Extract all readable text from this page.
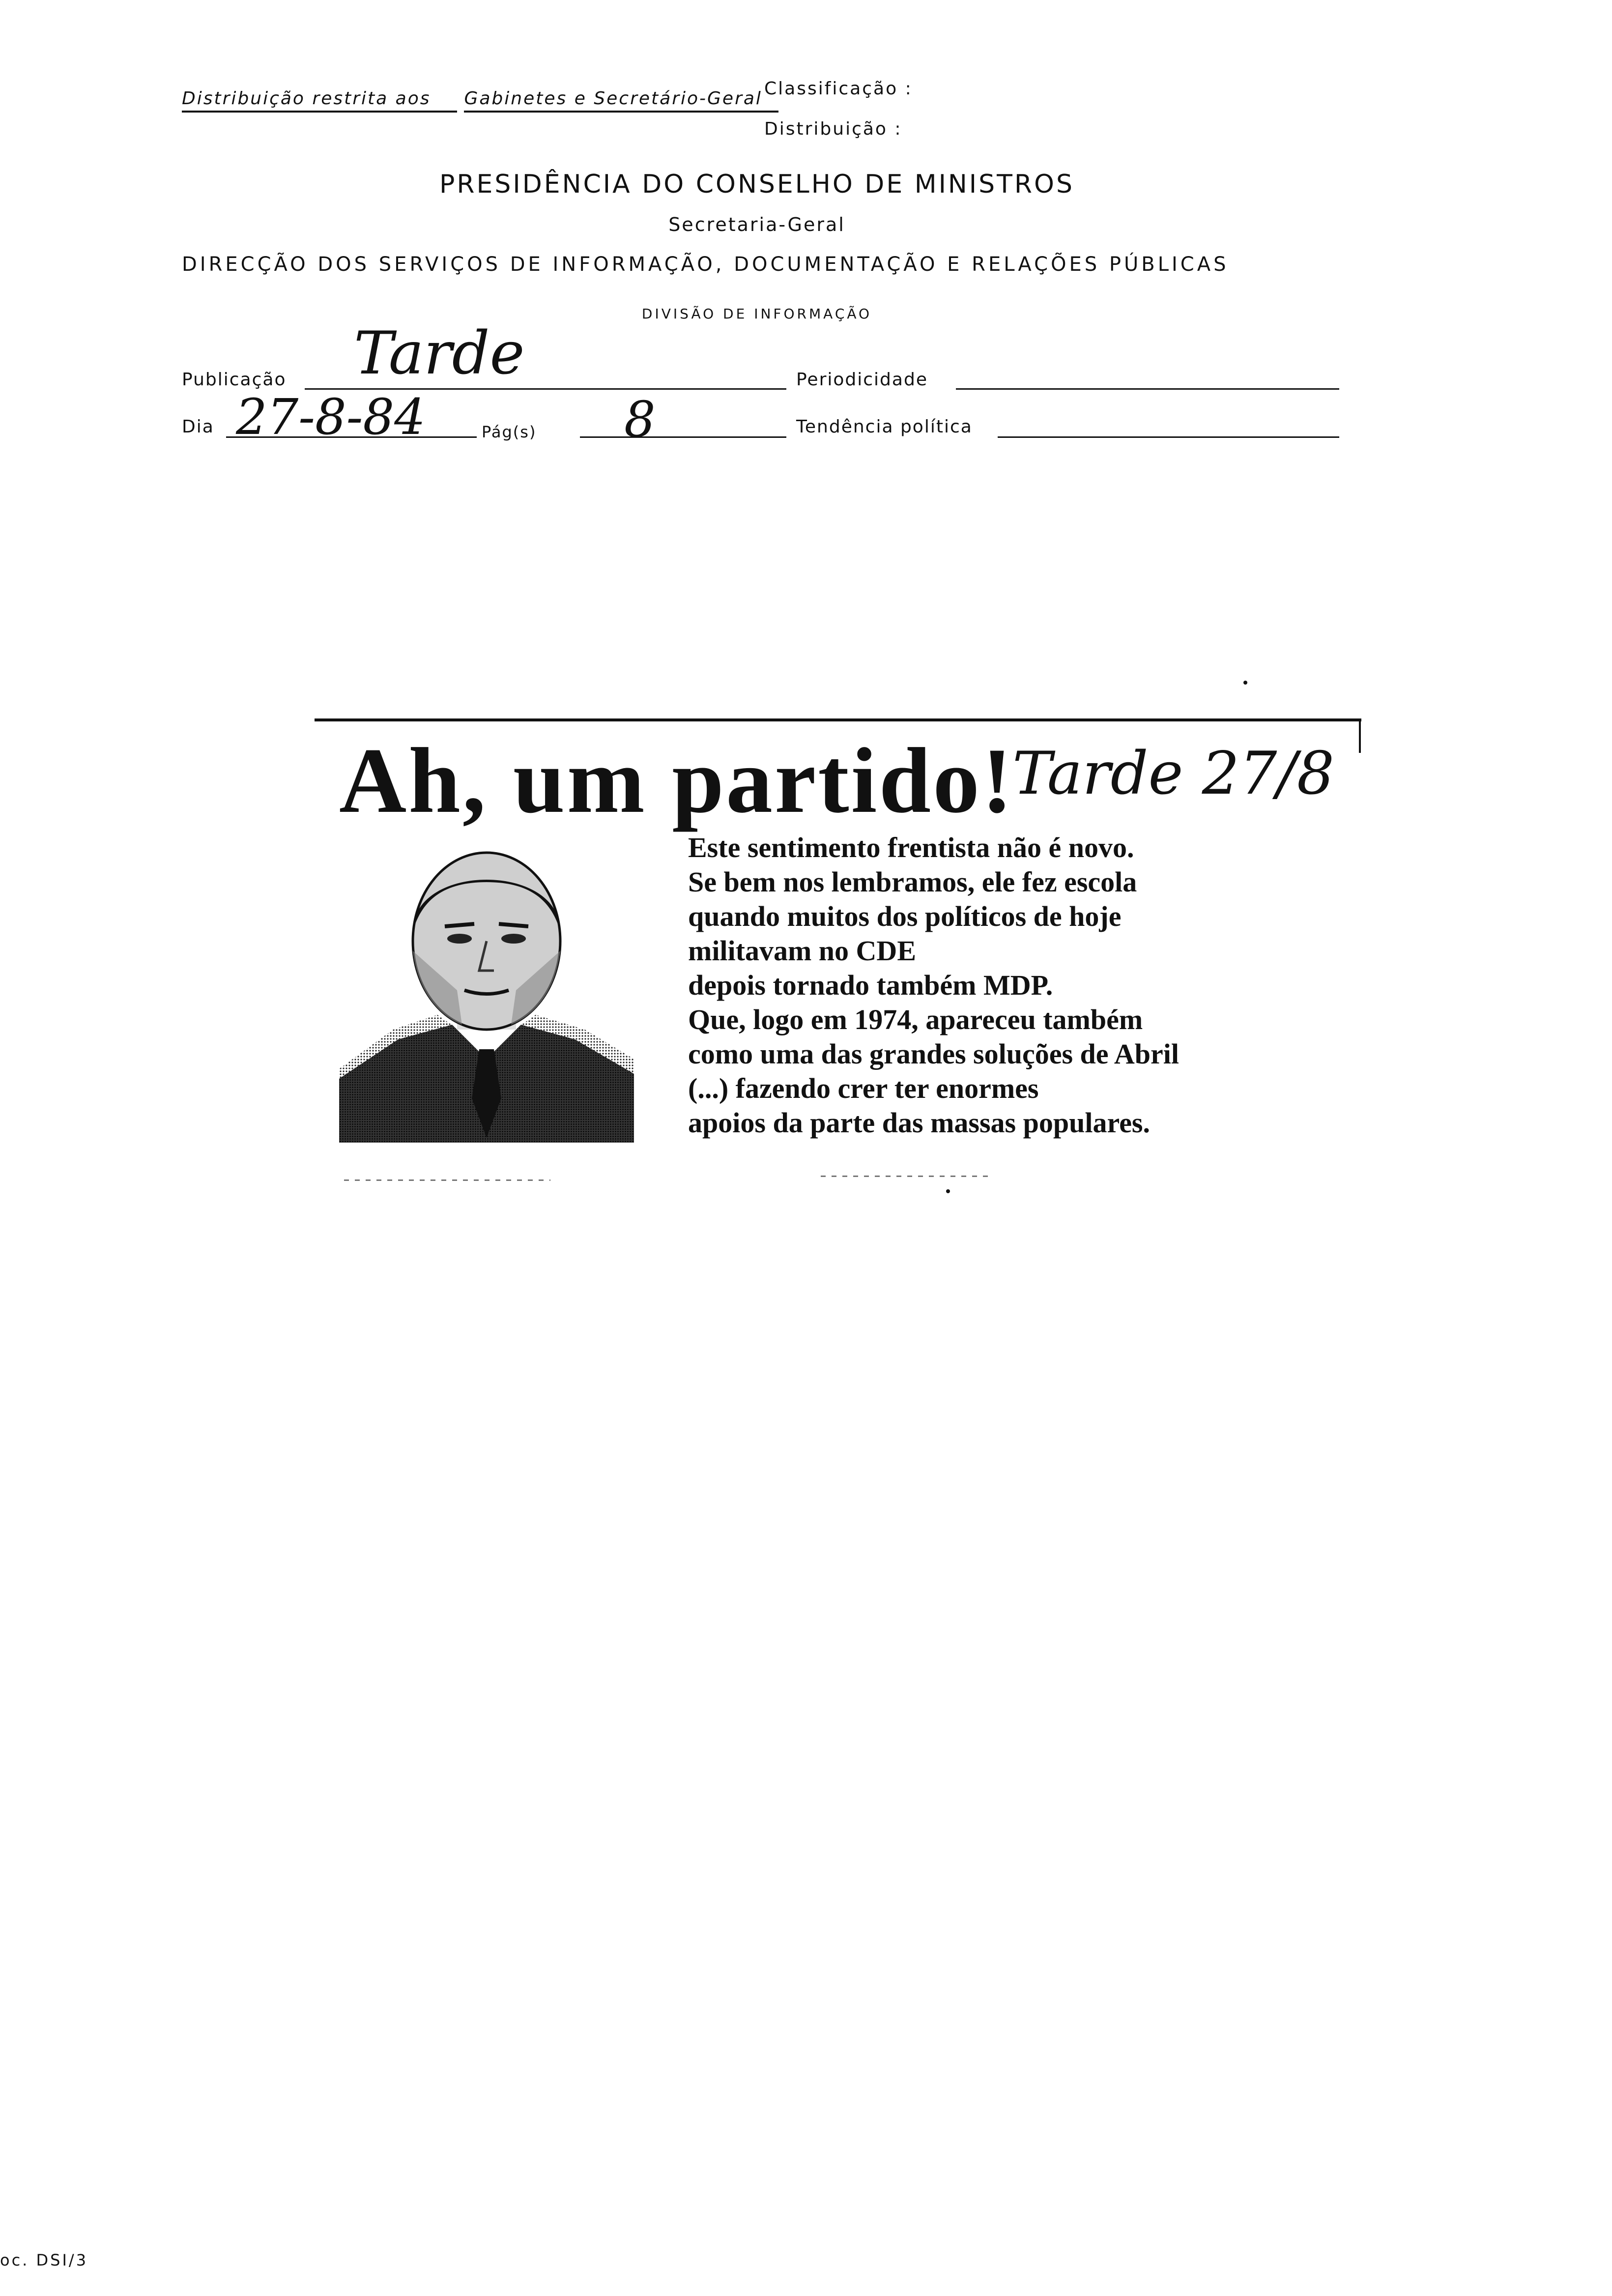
Distribuição restrita aos Gabinetes e Secretário-Geral Classificação :
Distribuição :
PRESIDÊNCIA DO CONSELHO DE MINISTROS
Secretaria-Geral
DIRECÇÃO DOS SERVIÇOS DE INFORMAÇÃO, DOCUMENTAÇÃO E RELAÇÕES PÚBLICAS
DIVISÃO DE INFORMAÇÃO
Publicação Tarde	Periodicidade
Dia 27-8-84	Pág(s) 8	Tendência política
Ah, um partido!
Tarde 27/8
Este sentimento frentista não é novo.
Se bem nos lembramos, ele fez escola
quando muitos dos políticos de hoje
militavam no CDE
depois tornado também MDP.
Que, logo em 1974, apareceu também
como uma das grandes soluções de Abril
(...) fazendo crer ter enormes
apoios da parte das massas populares.
oc. DSI/3
